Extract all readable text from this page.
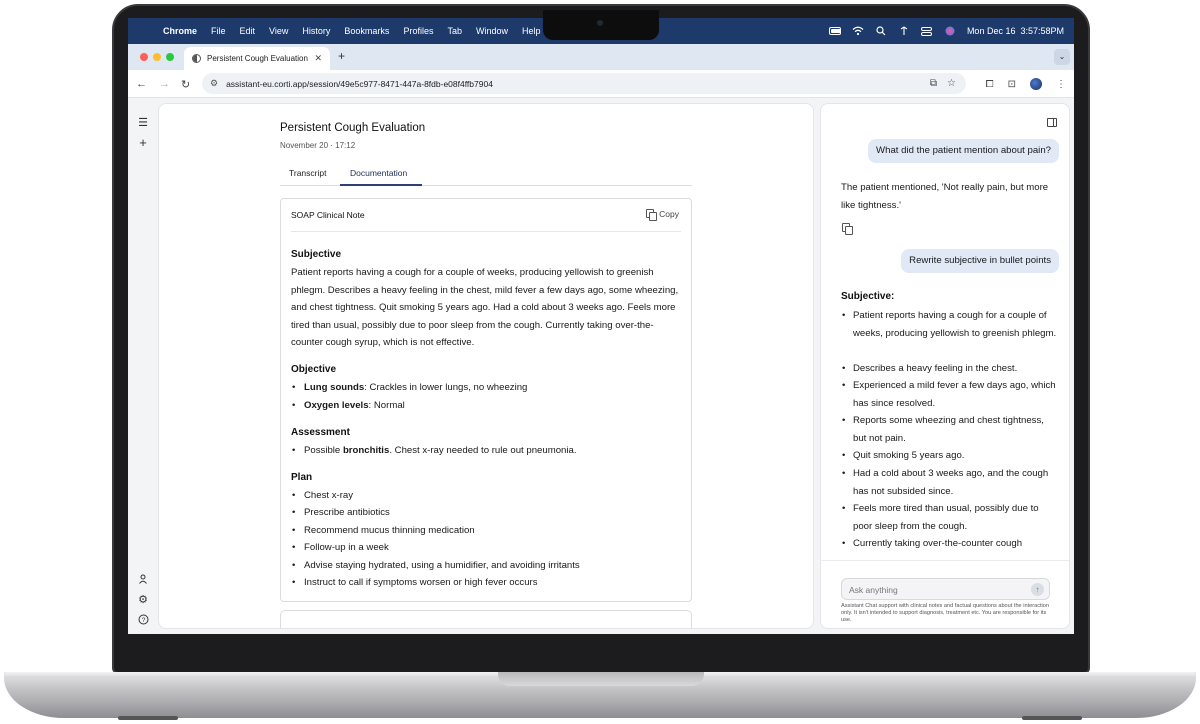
Chrome	File	Edit	View	History	Bookmarks	Profiles	Tab	Window	Help	Mon Dec 16  3:57:58PM
Persistent Cough Evaluation ✕ +	⌄
← → ↻ ⚙ assistant-eu.corti.app/session/49e5c977-8471-447a-8fdb-e08f4ffb7904	⧉ ☆	⧠ ⊡	⋮
☰
+
⚙
?
Persistent Cough Evaluation
November 20 · 17:12
Transcript	Documentation
SOAP Clinical Note	Copy
Subjective
Patient reports having a cough for a couple of weeks, producing yellowish to greenish phlegm. Describes a heavy feeling in the chest, mild fever a few days ago, some wheezing, and chest tightness. Quit smoking 5 years ago. Had a cold about 3 weeks ago. Feels more tired than usual, possibly due to poor sleep from the cough. Currently taking over-the-counter cough syrup, which is not effective.
Objective
• Lung sounds: Crackles in lower lungs, no wheezing
• Oxygen levels: Normal
Assessment
• Possible bronchitis. Chest x-ray needed to rule out pneumonia.
Plan
• Chest x-ray
• Prescribe antibiotics
• Recommend mucus thinning medication
• Follow-up in a week
• Advise staying hydrated, using a humidifier, and avoiding irritants
• Instruct to call if symptoms worsen or high fever occurs
What did the patient mention about pain?
The patient mentioned, 'Not really pain, but more like tightness.'
Rewrite subjective in bullet points
Subjective:
• Patient reports having a cough for a couple of weeks, producing yellowish to greenish phlegm.
• Describes a heavy feeling in the chest.
• Experienced a mild fever a few days ago, which has since resolved.
• Reports some wheezing and chest tightness, but not pain.
• Quit smoking 5 years ago.
• Had a cold about 3 weeks ago, and the cough has not subsided since.
• Feels more tired than usual, possibly due to poor sleep from the cough.
• Currently taking over-the-counter cough
Ask anything
↑
Assistant Chat support with clinical notes and factual questions about the interaction only. It isn't intended to support diagnosis, treatment etc. You are responsible for its use.
